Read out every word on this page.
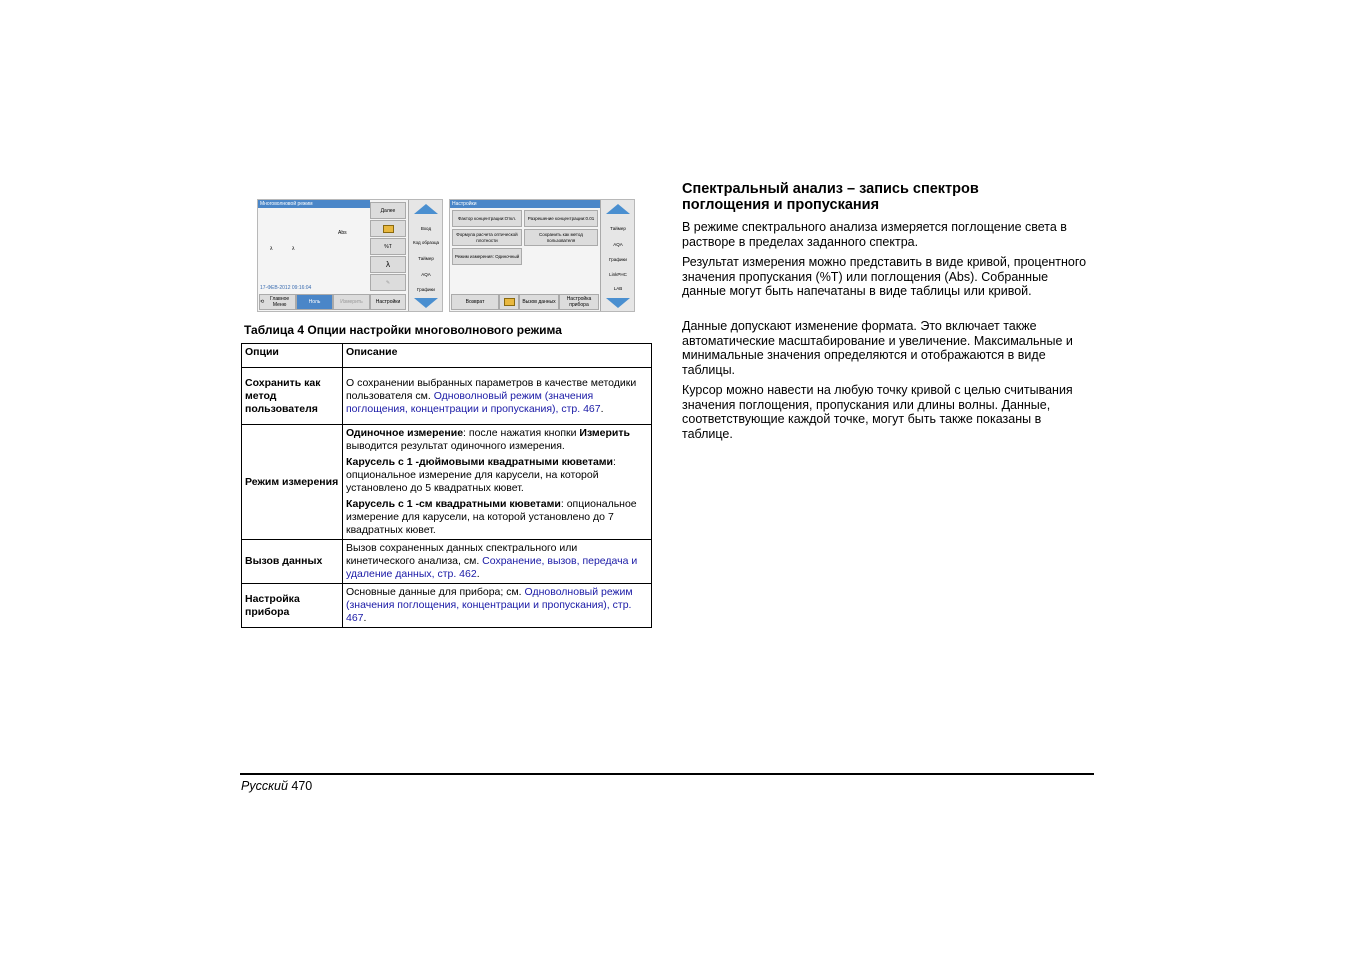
Многоволновой режим
Abs
λ	λ
17-ФЕВ-2012 09:16:04
Далее
%T
λ
✎
⟲	Главное Меню	Ноль	Измерить	Настройки
Вход
Код образца
Таймер
AQA
Графики
Настройки
Фактор концентрации:Откл.	Разрешение концентрации:0.01
Формула расчета оптической плотности
Сохранить как метод пользователя
Режим измерения: Одиночный
Возврат	Вызов данных	Настройка прибора
Таймер
AQA
Графики
LinkPHC
LAB
Таблица 4 Опции настройки многоволнового режима
Опции	Описание
Сохранить как метод пользователя	О сохранении выбранных параметров в качестве методики пользователя см. Одноволновый режим (значения поглощения, концентрации и пропускания), стр. 467.
Режим измерения	Одиночное измерение: после нажатия кнопки Измерить выводится результат одиночного измерения.

Карусель с 1 -дюймовыми квадратными кюветами: опциональное измерение для карусели, на которой установлено до 5 квадратных кювет.

Карусель с 1 -см квадратными кюветами: опциональное измерение для карусели, на которой установлено до 7 квадратных кювет.

Вызов данных	Вызов сохраненных данных спектрального или кинетического анализа, см. Сохранение, вызов, передача и удаление данных, стр. 462.
Настройка прибора	Основные данные для прибора; см. Одноволновый режим (значения поглощения, концентрации и пропускания), стр. 467.
Спектральный анализ – запись спектров поглощения и пропускания

В режиме спектрального анализа измеряется поглощение света в растворе в пределах заданного спектра.

Результат измерения можно представить в виде кривой, процентного значения пропускания (%T) или поглощения (Abs). Собранные данные могут быть напечатаны в виде таблицы или кривой.

Данные допускают изменение формата. Это включает также автоматические масштабирование и увеличение. Максимальные и минимальные значения определяются и отображаются в виде таблицы.

Курсор можно навести на любую точку кривой с целью считывания значения поглощения, пропускания или длины волны. Данные, соответствующие каждой точке, могут быть также показаны в таблице.

Русский 470
